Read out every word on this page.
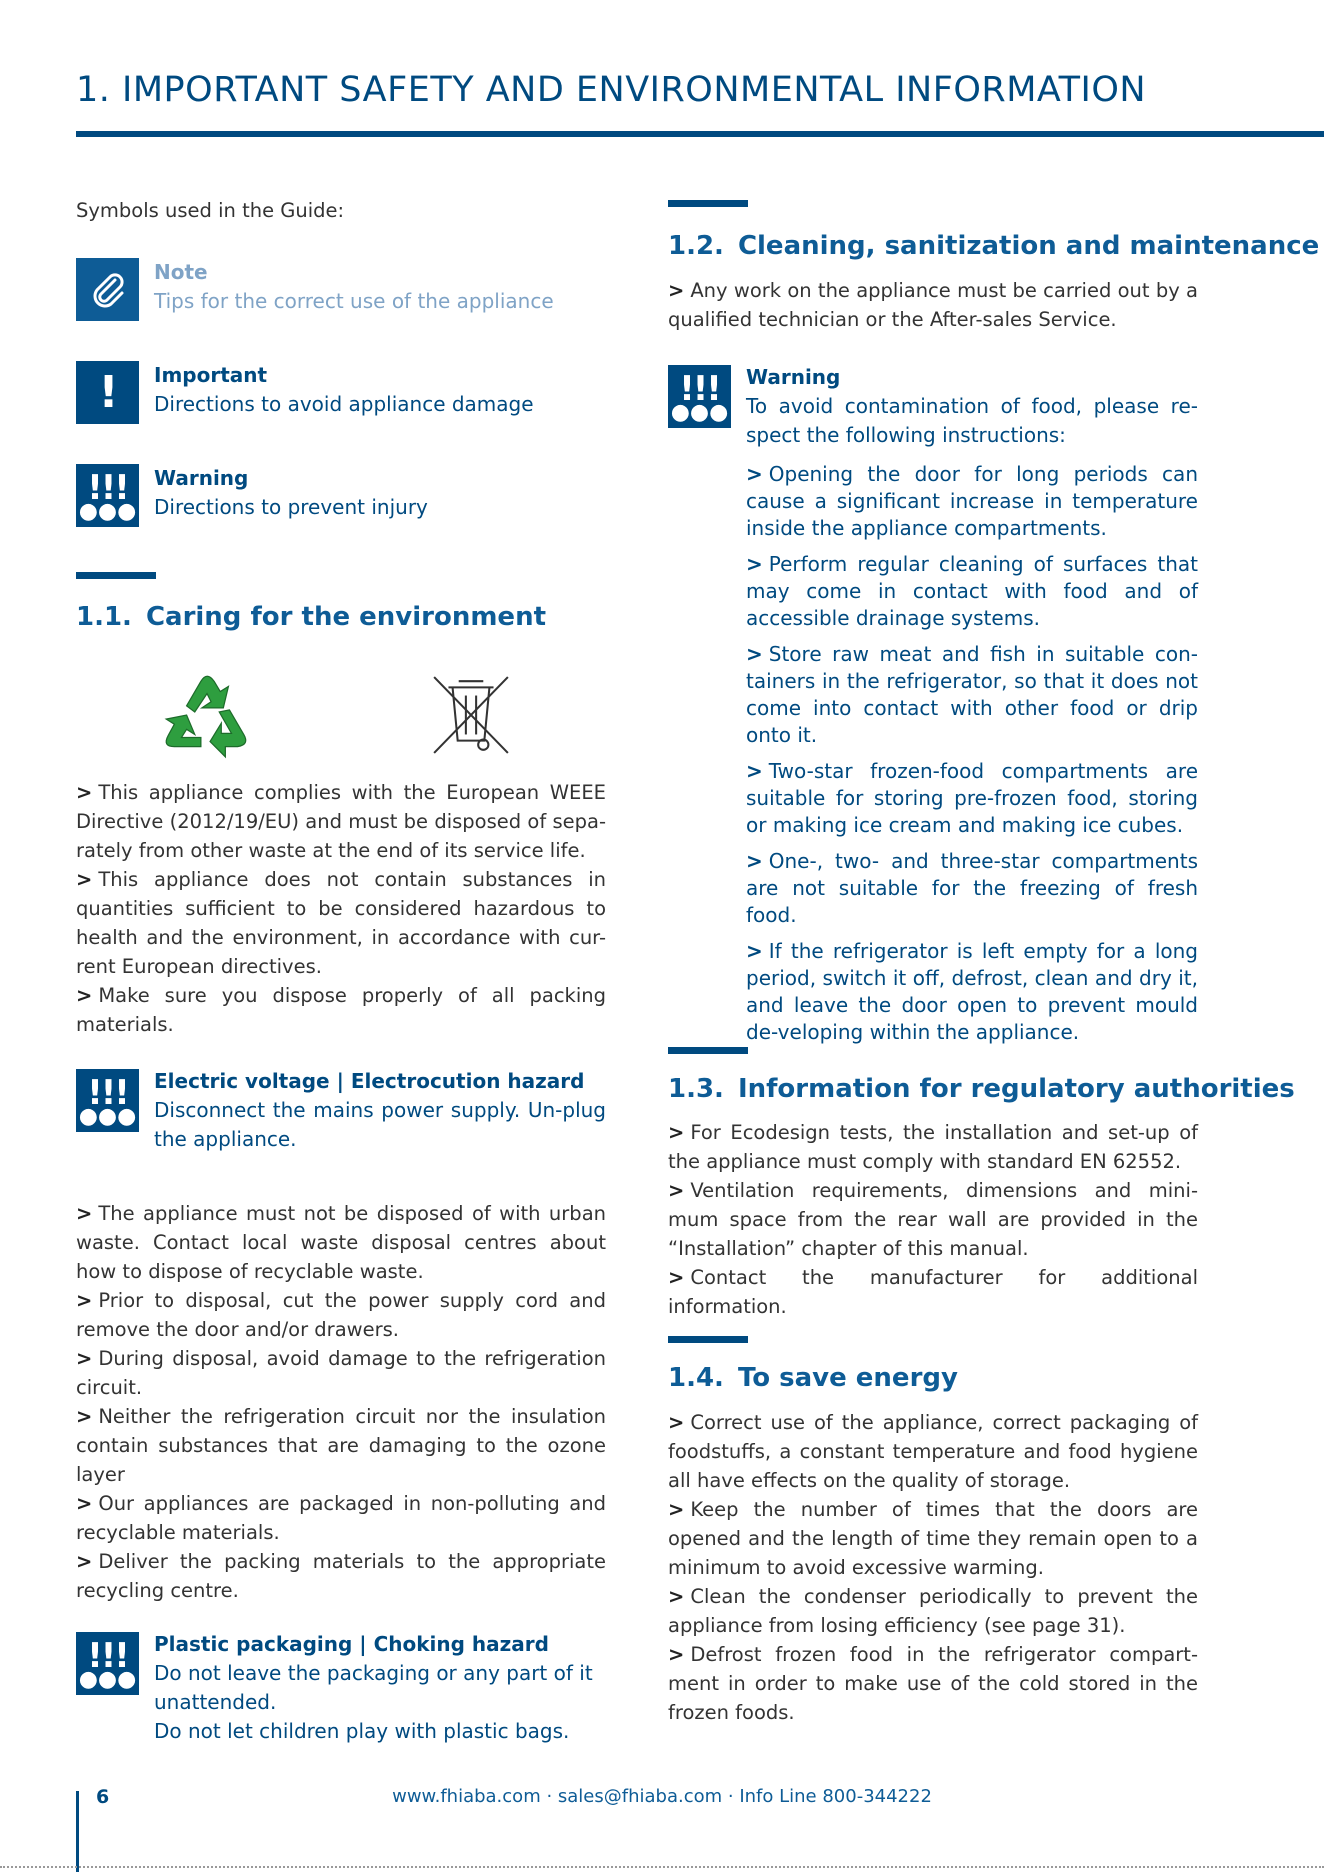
1. IMPORTANT SAFETY AND ENVIRONMENTAL INFORMATION

Symbols used in the Guide:

Note
Tips for the correct use of the appliance
! Important
Directions to avoid appliance damage
!!!
●●●
Warning
Directions to prevent injury
1.1. Caring for the environment

> This appliance complies with the European WEEE Directive (2012/19/EU) and must be disposed of sepa-rately from other waste at the end of its service life.

> This appliance does not contain substances in quantities sufficient to be considered hazardous to health and the environment, in accordance with cur-rent European directives.

> Make sure you dispose properly of all packing materials.

!!!
●●●
Electric voltage | Electrocution hazard
Disconnect the mains power supply. Un-plug the appliance.

> The appliance must not be disposed of with urban waste. Contact local waste disposal centres about how to dispose of recyclable waste.

> Prior to disposal, cut the power supply cord and remove the door and/or drawers.

> During disposal, avoid damage to the refrigeration circuit.

> Neither the refrigeration circuit nor the insulation contain substances that are damaging to the ozone layer

> Our appliances are packaged in non-polluting and recyclable materials.

> Deliver the packing materials to the appropriate recycling centre.

!!!
●●●
Plastic packaging | Choking hazard
Do not leave the packaging or any part of it unattended.
Do not let children play with plastic bags.
1.2. Cleaning, sanitization and maintenance

> Any work on the appliance must be carried out by a qualified technician or the After-sales Service.

!!!
●●●
Warning
To avoid contamination of food, please re-spect the following instructions:

> Opening the door for long periods can cause a significant increase in temperature inside the appliance compartments.

> Perform regular cleaning of surfaces that may come in contact with food and of accessible drainage systems.

> Store raw meat and fish in suitable con-tainers in the refrigerator, so that it does not come into contact with other food or drip onto it.

> Two-star frozen-food compartments are suitable for storing pre-frozen food, storing or making ice cream and making ice cubes.

> One-, two- and three-star compartments are not suitable for the freezing of fresh food.

> If the refrigerator is left empty for a long period, switch it off, defrost, clean and dry it, and leave the door open to prevent mould de-veloping within the appliance.

1.3. Information for regulatory authorities

> For Ecodesign tests, the installation and set-up of the appliance must comply with standard EN 62552.

> Ventilation requirements, dimensions and mini-mum space from the rear wall are provided in the “Installation” chapter of this manual.

> Contact the manufacturer for additional information.

1.4. To save energy

> Correct use of the appliance, correct packaging of foodstuffs, a constant temperature and food hygiene all have effects on the quality of storage.

> Keep the number of times that the doors are opened and the length of time they remain open to a minimum to avoid excessive warming.

> Clean the condenser periodically to prevent the appliance from losing efficiency (see page 31).

> Defrost frozen food in the refrigerator compart-ment in order to make use of the cold stored in the frozen foods.

6	www.fhiaba.com · sales@fhiaba.com · Info Line 800-344222
